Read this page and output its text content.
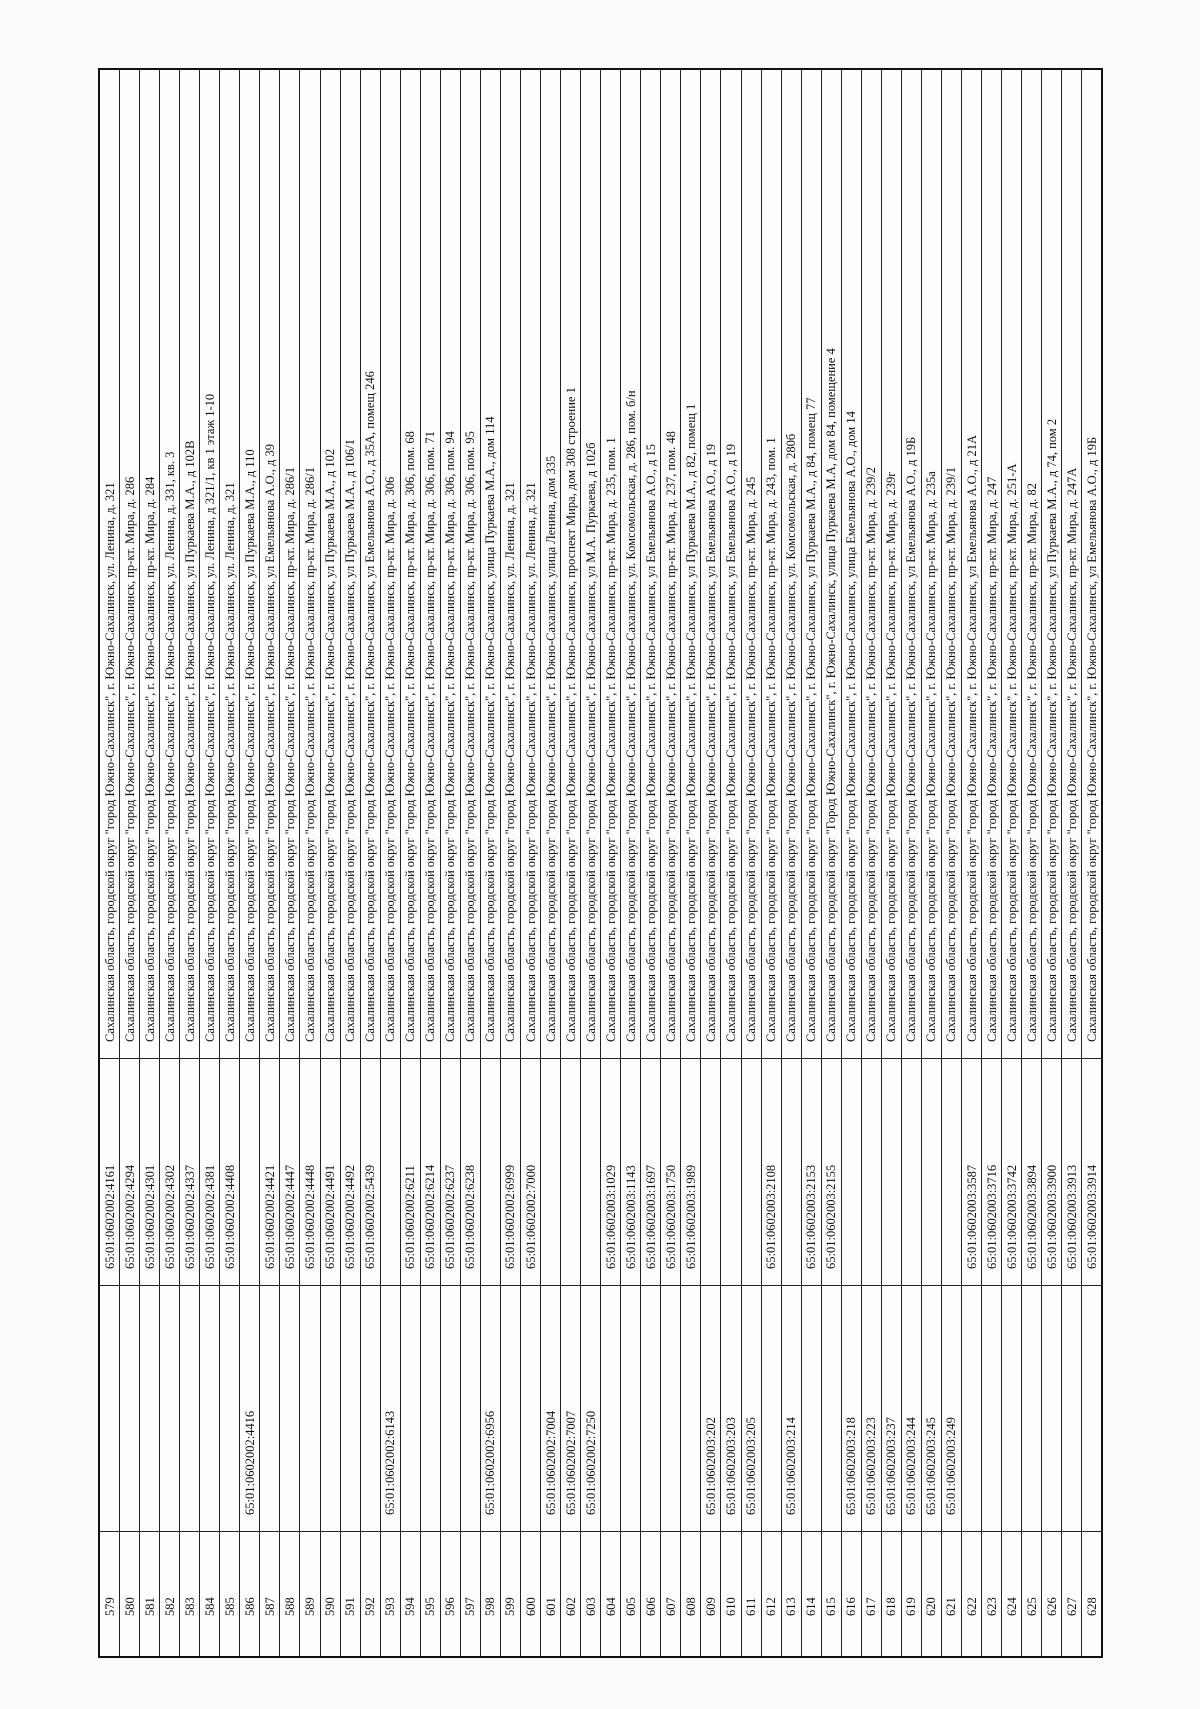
Сахалинская область, городской округ "город Южно-Сахалинск", г. Южно-Сахалинск, ул. Ленина, д. 321
65:01:0602002:4161
579
Сахалинская область, городской округ "город Южно-Сахалинск", г. Южно-Сахалинск, пр-кт. Мира, д. 286
65:01:0602002:4294
580
Сахалинская область, городской округ "город Южно-Сахалинск", г. Южно-Сахалинск, пр-кт. Мира, д. 284
65:01:0602002:4301
581
Сахалинская область, городской округ "город Южно-Сахалинск", г. Южно-Сахалинск, ул. Ленина, д. 331, кв. 3
65:01:0602002:4302
582
Сахалинская область, городской округ "город Южно-Сахалинск", г. Южно-Сахалинск, ул Пуркаева М.А., д 102В
65:01:0602002:4337
583
Сахалинская область, городской округ "город Южно-Сахалинск", г. Южно-Сахалинск, ул. Ленина, д 321/1, кв 1 этаж 1-10
65:01:0602002:4381
584
Сахалинская область, городской округ "город Южно-Сахалинск", г. Южно-Сахалинск, ул. Ленина, д. 321
65:01:0602002:4408
585
Сахалинская область, городской округ "город Южно-Сахалинск", г. Южно-Сахалинск, ул Пуркаева М.А., д 110
65:01:0602002:4416
586
Сахалинская область, городской округ "город Южно-Сахалинск", г. Южно-Сахалинск, ул Емельянова А.О., д 39
65:01:0602002:4421
587
Сахалинская область, городской округ "город Южно-Сахалинск", г. Южно-Сахалинск, пр-кт. Мира, д. 286/1
65:01:0602002:4447
588
Сахалинская область, городской округ "город Южно-Сахалинск", г. Южно-Сахалинск, пр-кт. Мира, д. 286/1
65:01:0602002:4448
589
Сахалинская область, городской округ "город Южно-Сахалинск", г. Южно-Сахалинск, ул Пуркаева М.А., д 102
65:01:0602002:4491
590
Сахалинская область, городской округ "город Южно-Сахалинск", г. Южно-Сахалинск, ул Пуркаева М.А., д 106/1
65:01:0602002:4492
591
Сахалинская область, городской округ "город Южно-Сахалинск", г. Южно-Сахалинск, ул Емельянова А.О., д 35А, помещ 246
65:01:0602002:5439
592
Сахалинская область, городской округ "город Южно-Сахалинск", г. Южно-Сахалинск, пр-кт. Мира, д. 306
65:01:0602002:6143
593
Сахалинская область, городской округ "город Южно-Сахалинск", г. Южно-Сахалинск, пр-кт. Мира, д. 306, пом. 68
65:01:0602002:6211
594
Сахалинская область, городской округ "город Южно-Сахалинск", г. Южно-Сахалинск, пр-кт. Мира, д. 306, пом. 71
65:01:0602002:6214
595
Сахалинская область, городской округ "город Южно-Сахалинск", г. Южно-Сахалинск, пр-кт. Мира, д. 306, пом. 94
65:01:0602002:6237
596
Сахалинская область, городской округ "город Южно-Сахалинск", г. Южно-Сахалинск, пр-кт. Мира, д. 306, пом. 95
65:01:0602002:6238
597
Сахалинская область, городской округ "город Южно-Сахалинск", г. Южно-Сахалинск, улица Пуркаева М.А., дом 114
65:01:0602002:6956
598
Сахалинская область, городской округ "город Южно-Сахалинск", г. Южно-Сахалинск, ул. Ленина, д. 321
65:01:0602002:6999
599
Сахалинская область, городской округ "город Южно-Сахалинск", г. Южно-Сахалинск, ул. Ленина, д. 321
65:01:0602002:7000
600
Сахалинская область, городской округ "город Южно-Сахалинск", г. Южно-Сахалинск, улица Ленина, дом 335
65:01:0602002:7004
601
Сахалинская область, городской округ "город Южно-Сахалинск", г. Южно-Сахалинск, проспект Мира, дом 308 строение 1
65:01:0602002:7007
602
Сахалинская область, городской округ "город Южно-Сахалинск", г. Южно-Сахалинск, ул М.А. Пуркаева, д 102б
65:01:0602002:7250
603
Сахалинская область, городской округ "город Южно-Сахалинск", г. Южно-Сахалинск, пр-кт. Мира, д. 235, пом. 1
65:01:0602003:1029
604
Сахалинская область, городской округ "город Южно-Сахалинск", г. Южно-Сахалинск, ул. Комсомольская, д. 286, пом. б/н
65:01:0602003:1143
605
Сахалинская область, городской округ "город Южно-Сахалинск", г. Южно-Сахалинск, ул Емельянова А.О., д 15
65:01:0602003:1697
606
Сахалинская область, городской округ "город Южно-Сахалинск", г. Южно-Сахалинск, пр-кт. Мира, д. 237, пом. 48
65:01:0602003:1750
607
Сахалинская область, городской округ "город Южно-Сахалинск", г. Южно-Сахалинск, ул Пуркаева М.А., д 82, помещ 1
65:01:0602003:1989
608
Сахалинская область, городской округ "город Южно-Сахалинск", г. Южно-Сахалинск, ул Емельянова А.О., д 19
65:01:0602003:202
609
Сахалинская область, городской округ "город Южно-Сахалинск", г. Южно-Сахалинск, ул Емельянова А.О., д 19
65:01:0602003:203
610
Сахалинская область, городской округ "город Южно-Сахалинск", г. Южно-Сахалинск, пр-кт. Мира, д. 245
65:01:0602003:205
611
Сахалинская область, городской округ "город Южно-Сахалинск", г. Южно-Сахалинск, пр-кт. Мира, д. 243, пом. 1
65:01:0602003:2108
612
Сахалинская область, городской округ "город Южно-Сахалинск", г. Южно-Сахалинск, ул. Комсомольская, д. 280б
65:01:0602003:214
613
Сахалинская область, городской округ "город Южно-Сахалинск", г. Южно-Сахалинск, ул Пуркаева М.А., д 84, помещ 77
65:01:0602003:2153
614
Сахалинская область, городской округ "Город Южно-Сахалинск", г. Южно-Сахалинск, улица Пуркаева М.А, дом 84, помещение 4
65:01:0602003:2155
615
Сахалинская область, городской округ "город Южно-Сахалинск", г. Южно-Сахалинск, улица Емельянова А.О., дом 14
65:01:0602003:218
616
Сахалинская область, городской округ "город Южно-Сахалинск", г. Южно-Сахалинск, пр-кт. Мира, д. 239/2
65:01:0602003:223
617
Сахалинская область, городской округ "город Южно-Сахалинск", г. Южно-Сахалинск, пр-кт. Мира, д. 239г
65:01:0602003:237
618
Сахалинская область, городской округ "город Южно-Сахалинск", г. Южно-Сахалинск, ул Емельянова А.О., д 19Б
65:01:0602003:244
619
Сахалинская область, городской округ "город Южно-Сахалинск", г. Южно-Сахалинск, пр-кт. Мира, д. 235а
65:01:0602003:245
620
Сахалинская область, городской округ "город Южно-Сахалинск", г. Южно-Сахалинск, пр-кт. Мира, д. 239/1
65:01:0602003:249
621
Сахалинская область, городской округ "город Южно-Сахалинск", г. Южно-Сахалинск, ул Емельянова А.О., д 21А
65:01:0602003:3587
622
Сахалинская область, городской округ "город Южно-Сахалинск", г. Южно-Сахалинск, пр-кт. Мира, д. 247
65:01:0602003:3716
623
Сахалинская область, городской округ "город Южно-Сахалинск", г. Южно-Сахалинск, пр-кт. Мира, д. 251-А
65:01:0602003:3742
624
Сахалинская область, городской округ "город Южно-Сахалинск", г. Южно-Сахалинск, пр-кт. Мира, д. 82
65:01:0602003:3894
625
Сахалинская область, городской округ "город Южно-Сахалинск", г. Южно-Сахалинск, ул Пуркаева М.А., д 74, пом 2
65:01:0602003:3900
626
Сахалинская область, городской округ "город Южно-Сахалинск", г. Южно-Сахалинск, пр-кт. Мира, д. 247А
65:01:0602003:3913
627
Сахалинская область, городской округ "город Южно-Сахалинск", г. Южно-Сахалинск, ул Емельянова А.О., д 19Б
65:01:0602003:3914
628
